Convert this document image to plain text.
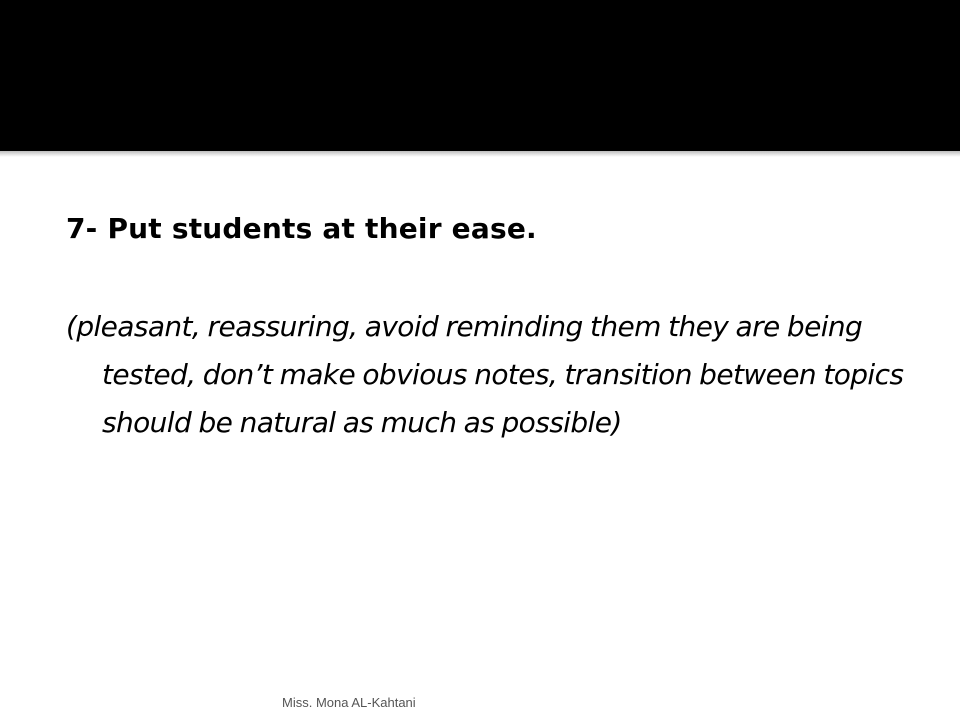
7- Put students at their ease.

(pleasant, reassuring, avoid reminding them they are being tested, don’t make obvious notes, transition between topics should be natural as much as possible)

Miss. Mona AL-Kahtani
